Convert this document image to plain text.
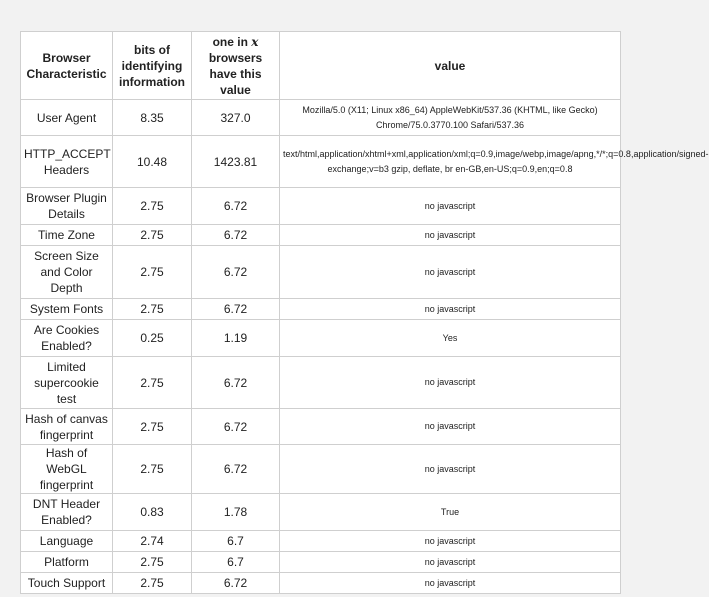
Browser Characteristic	bits of identifying information	one in x browsers have this value	value
User Agent	8.35	327.0	Mozilla/5.0 (X11; Linux x86_64) AppleWebKit/537.36 (KHTML, like Gecko) Chrome/75.0.3770.100 Safari/537.36
HTTP_ACCEPT Headers	10.48	1423.81	text/html,application/xhtml+xml,application/xml;q=0.9,image/webp,image/apng,*/*;q=0.8,application/signed-exchange;v=b3 gzip, deflate, br en-GB,en-US;q=0.9,en;q=0.8
Browser Plugin Details	2.75	6.72	no javascript
Time Zone	2.75	6.72	no javascript
Screen Size and Color Depth	2.75	6.72	no javascript
System Fonts	2.75	6.72	no javascript
Are Cookies Enabled?	0.25	1.19	Yes
Limited supercookie test	2.75	6.72	no javascript
Hash of canvas fingerprint	2.75	6.72	no javascript
Hash of WebGL fingerprint	2.75	6.72	no javascript
DNT Header Enabled?	0.83	1.78	True
Language	2.74	6.7	no javascript
Platform	2.75	6.7	no javascript
Touch Support	2.75	6.72	no javascript
